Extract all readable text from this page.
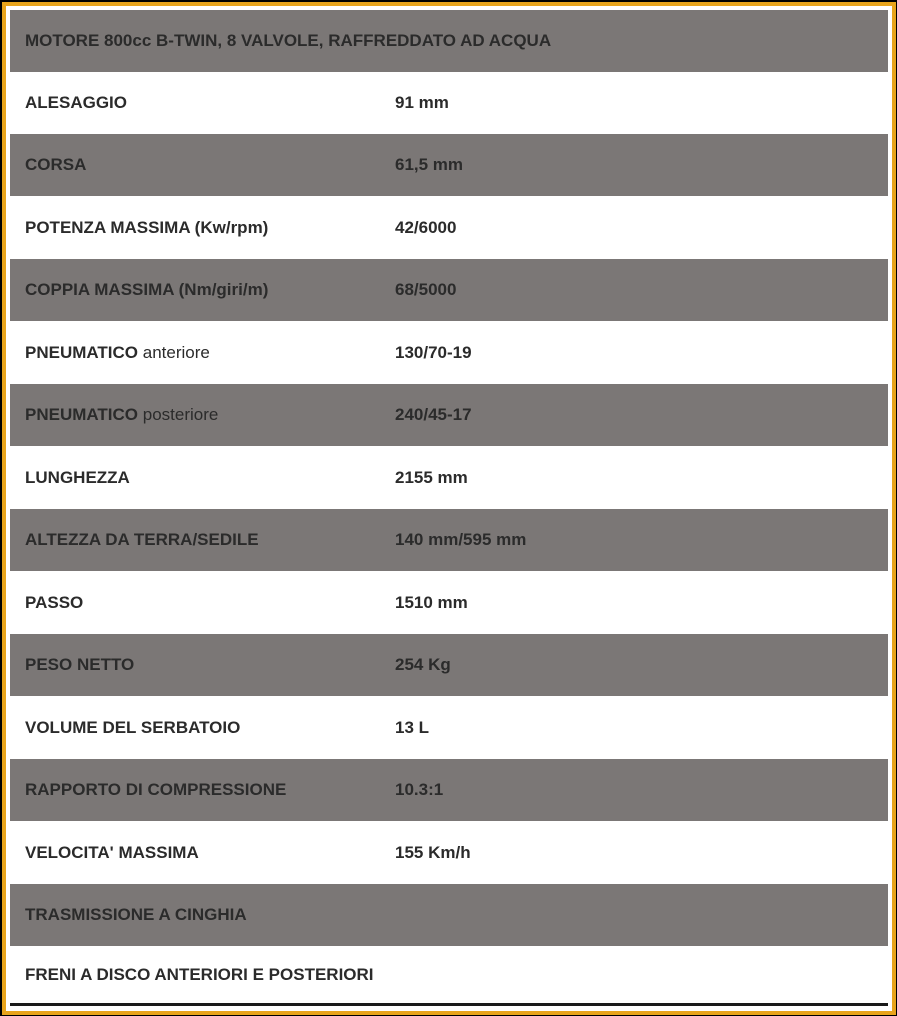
MOTORE 800cc B-TWIN, 8 VALVOLE, RAFFREDDATO AD ACQUA
ALESAGGIO	91 mm
CORSA	61,5 mm
POTENZA MASSIMA (Kw/rpm)	42/6000
COPPIA MASSIMA (Nm/giri/m)	68/5000
PNEUMATICO anteriore	130/70-19
PNEUMATICO posteriore	240/45-17
LUNGHEZZA	2155 mm
ALTEZZA DA TERRA/SEDILE	140 mm/595 mm
PASSO	1510 mm
PESO NETTO	254 Kg
VOLUME DEL SERBATOIO	13 L
RAPPORTO DI COMPRESSIONE	10.3:1
VELOCITA' MASSIMA	155 Km/h
TRASMISSIONE A CINGHIA
FRENI A DISCO ANTERIORI E POSTERIORI
